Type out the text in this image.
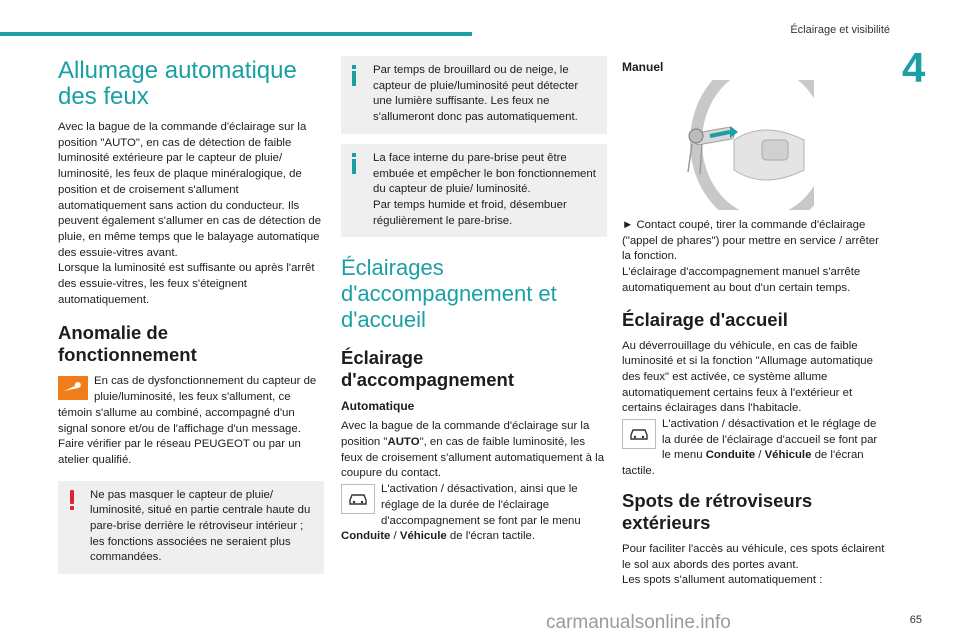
Éclairage et visibilité
4
Allumage automatique
des feux

Avec la bague de la commande d'éclairage sur la position "AUTO", en cas de détection de faible luminosité extérieure par le capteur de pluie/ luminosité, les feux de plaque minéralogique, de position et de croisement s'allument automatiquement sans action du conducteur. Ils peuvent également s'allumer en cas de détection de pluie, en même temps que le balayage automatique des essuie-vitres avant.

Lorsque la luminosité est suffisante ou après l'arrêt des essuie-vitres, les feux s'éteignent automatiquement.

Anomalie de
fonctionnement

En cas de dysfonctionnement du capteur de pluie/luminosité, les feux s'allument, ce témoin s'allume au combiné, accompagné d'un signal sonore et/ou de l'affichage d'un message.

Faire vérifier par le réseau PEUGEOT ou par un atelier qualifié.

Ne pas masquer le capteur de pluie/ luminosité, situé en partie centrale haute du pare-brise derrière le rétroviseur intérieur ; les fonctions associées ne seraient plus commandées.

Par temps de brouillard ou de neige, le capteur de pluie/luminosité peut détecter une lumière suffisante. Les feux ne s'allumeront donc pas automatiquement.

La face interne du pare-brise peut être embuée et empêcher le bon fonctionnement du capteur de pluie/ luminosité.

Par temps humide et froid, désembuer régulièrement le pare-brise.

Éclairages
d'accompagnement et
d'accueil
Éclairage
d'accompagnement
Automatique

Avec la bague de la commande d'éclairage sur la position "AUTO", en cas de faible luminosité, les feux de croisement s'allument automatiquement à la coupure du contact.

L'activation / désactivation, ainsi que le réglage de la durée de l'éclairage d'accompagnement se font par le menu Conduite / Véhicule de l'écran tactile.

Manuel

► Contact coupé, tirer la commande d'éclairage ("appel de phares") pour mettre en service / arrêter la fonction.

L'éclairage d'accompagnement manuel s'arrête automatiquement au bout d'un certain temps.

Éclairage d'accueil

Au déverrouillage du véhicule, en cas de faible luminosité et si la fonction "Allumage automatique des feux" est activée, ce système allume automatiquement certains feux à l'extérieur et certains éclairages dans l'habitacle.

L'activation / désactivation et le réglage de la durée de l'éclairage d'accueil se font par le menu Conduite / Véhicule de l'écran tactile.

Spots de rétroviseurs
extérieurs

Pour faciliter l'accès au véhicule, ces spots éclairent le sol aux abords des portes avant.

Les spots s'allument automatiquement :

carmanualsonline.info	65
